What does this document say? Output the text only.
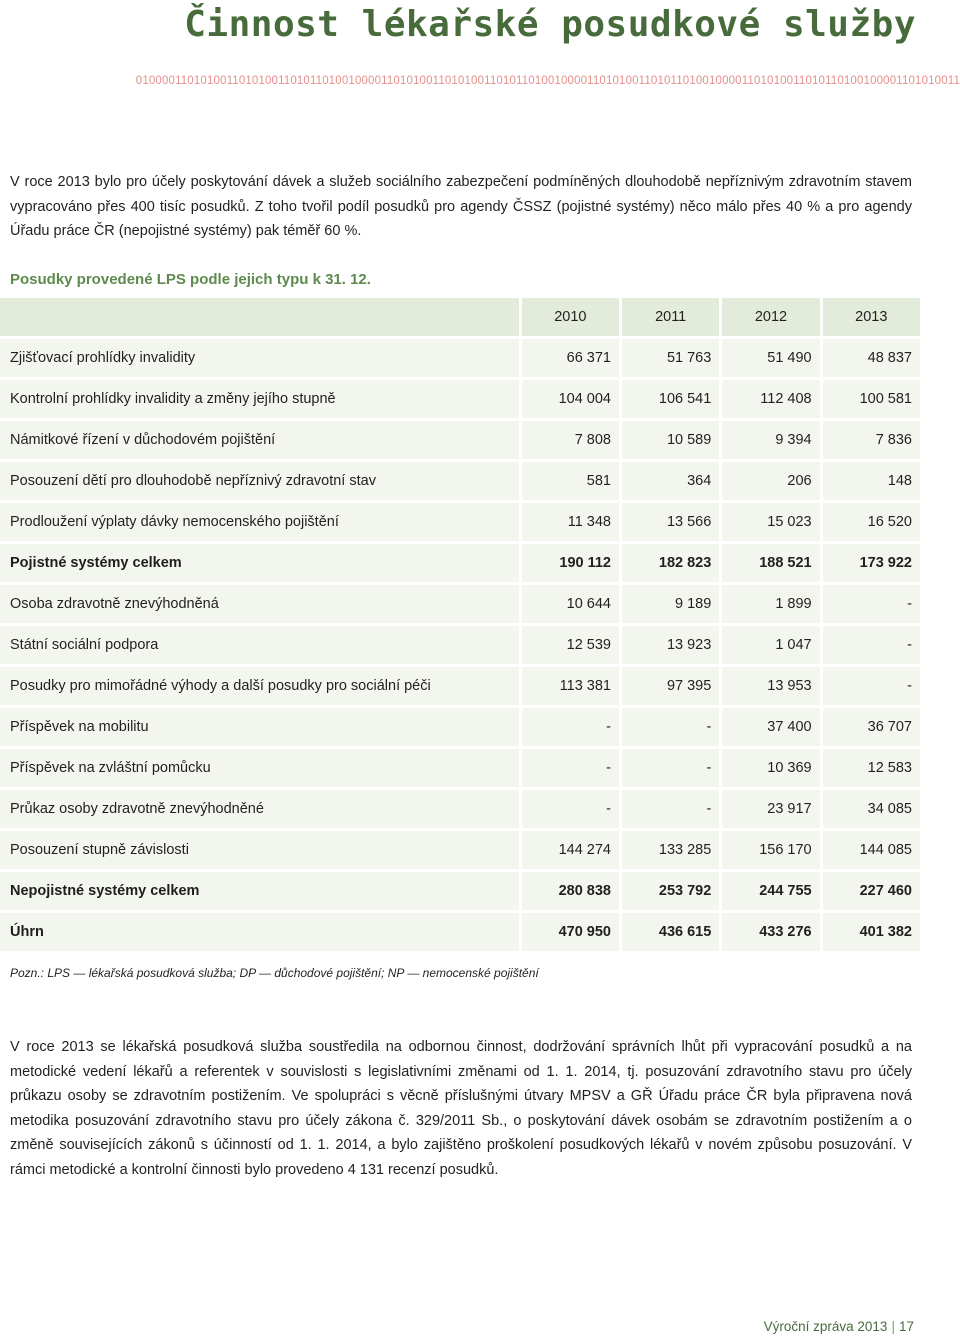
Činnost lékařské posudkové služby
01000011010100110101001101011010010000110101001101010011010110100100001101010011010110100100001101010011010110100100001101010011
V roce 2013 bylo pro účely poskytování dávek a služeb sociálního zabezpečení podmíněných dlouhodobě nepříznivým zdravotním stavem vypracováno přes 400 tisíc posudků. Z toho tvořil podíl posudků pro agendy ČSSZ (pojistné systémy) něco málo přes 40 % a pro agendy Úřadu práce ČR (nepojistné systémy) pak téměř 60 %.
Posudky provedené LPS podle jejich typu k 31. 12.
	2010	2011	2012	2013
Zjišťovací prohlídky invalidity	66 371	51 763	51 490	48 837
Kontrolní prohlídky invalidity a změny jejího stupně	104 004	106 541	112 408	100 581
Námitkové řízení v důchodovém pojištění	7 808	10 589	9 394	7 836
Posouzení dětí pro dlouhodobě nepříznivý zdravotní stav	581	364	206	148
Prodloužení výplaty dávky nemocenského pojištění	11 348	13 566	15 023	16 520
Pojistné systémy celkem	190 112	182 823	188 521	173 922
Osoba zdravotně znevýhodněná	10 644	9 189	1 899	-
Státní sociální podpora	12 539	13 923	1 047	-
Posudky pro mimořádné výhody a další posudky pro sociální péči	113 381	97 395	13 953	-
Příspěvek na mobilitu	-	-	37 400	36 707
Příspěvek na zvláštní pomůcku	-	-	10 369	12 583
Průkaz osoby zdravotně znevýhodněné	-	-	23 917	34 085
Posouzení stupně závislosti	144 274	133 285	156 170	144 085
Nepojistné systémy celkem	280 838	253 792	244 755	227 460
Úhrn	470 950	436 615	433 276	401 382
Pozn.: LPS — lékařská posudková služba; DP — důchodové pojištění; NP — nemocenské pojištění
V roce 2013 se lékařská posudková služba soustředila na odbornou činnost, dodržování správních lhůt při vypracování posudků a na metodické vedení lékařů a referentek v souvislosti s legislativními změnami od 1. 1. 2014, tj. posuzování zdravotního stavu pro účely průkazu osoby se zdravotním postižením. Ve spolupráci s věcně příslušnými útvary MPSV a GŘ Úřadu práce ČR byla připravena nová metodika posuzování zdravotního stavu pro účely zákona č. 329/2011 Sb., o poskytování dávek osobám se zdravotním postižením a o změně souvisejících zákonů s účinností od 1. 1. 2014, a bylo zajištěno proškolení posudkových lékařů v novém způsobu posuzování. V rámci metodické a kontrolní činnosti bylo provedeno 4 131 recenzí posudků.
Výroční zpráva 2013 | 17
